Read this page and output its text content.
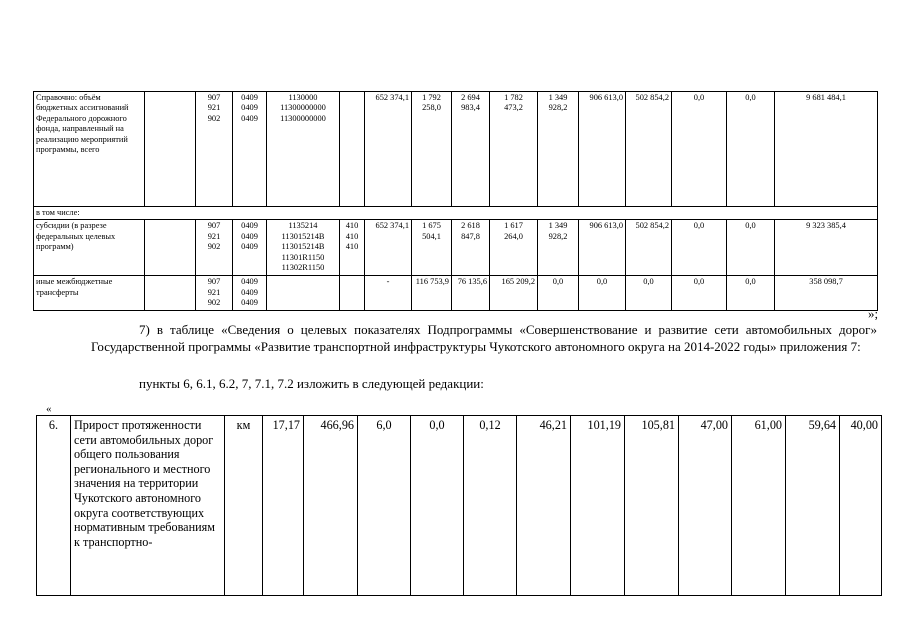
Справочно: объём бюджетных ассигнований Федерального дорожного фонда, направленный на реализацию мероприятий программы, всего		907
921
902	0409
0409
0409	1130000
11300000000
11300000000		652 374,1	1 792
258,0	2 694
983,4	1 782
473,2	1 349
928,2	906 613,0	502 854,2	0,0	0,0	9 681 484,1
в том числе:															
субсидии (в разрезе федеральных целевых программ)		907
921
902	0409
0409
0409	1135214
113015214B
113015214B
11301R1150
11302R1150	410
410
410	652 374,1	1 675
504,1	2 618
847,8	1 617
264,0	1 349
928,2	906 613,0	502 854,2	0,0	0,0	9 323 385,4
иные межбюджетные трансферты		907
921
902	0409
0409
0409			-	116 753,9	76 135,6	165 209,2	0,0	0,0	0,0	0,0	0,0	358 098,7
»;
7) в таблице «Сведения о целевых показателях Подпрограммы «Совершенствование и развитие сети автомобильных дорог» Государственной программы «Развитие транспортной инфраструктуры Чукотского автономного округа на 2014-2022 годы» приложения 7:
пункты 6, 6.1, 6.2, 7, 7.1, 7.2 изложить в следующей редакции:
«
6.	Прирост протяженности сети автомобильных дорог общего пользования регионального и местного значения на территории Чукотского автономного округа соответствующих нормативным требованиям к транспортно-	км	17,17	466,96	6,0	0,0	0,12	46,21	101,19	105,81	47,00	61,00	59,64	40,00
